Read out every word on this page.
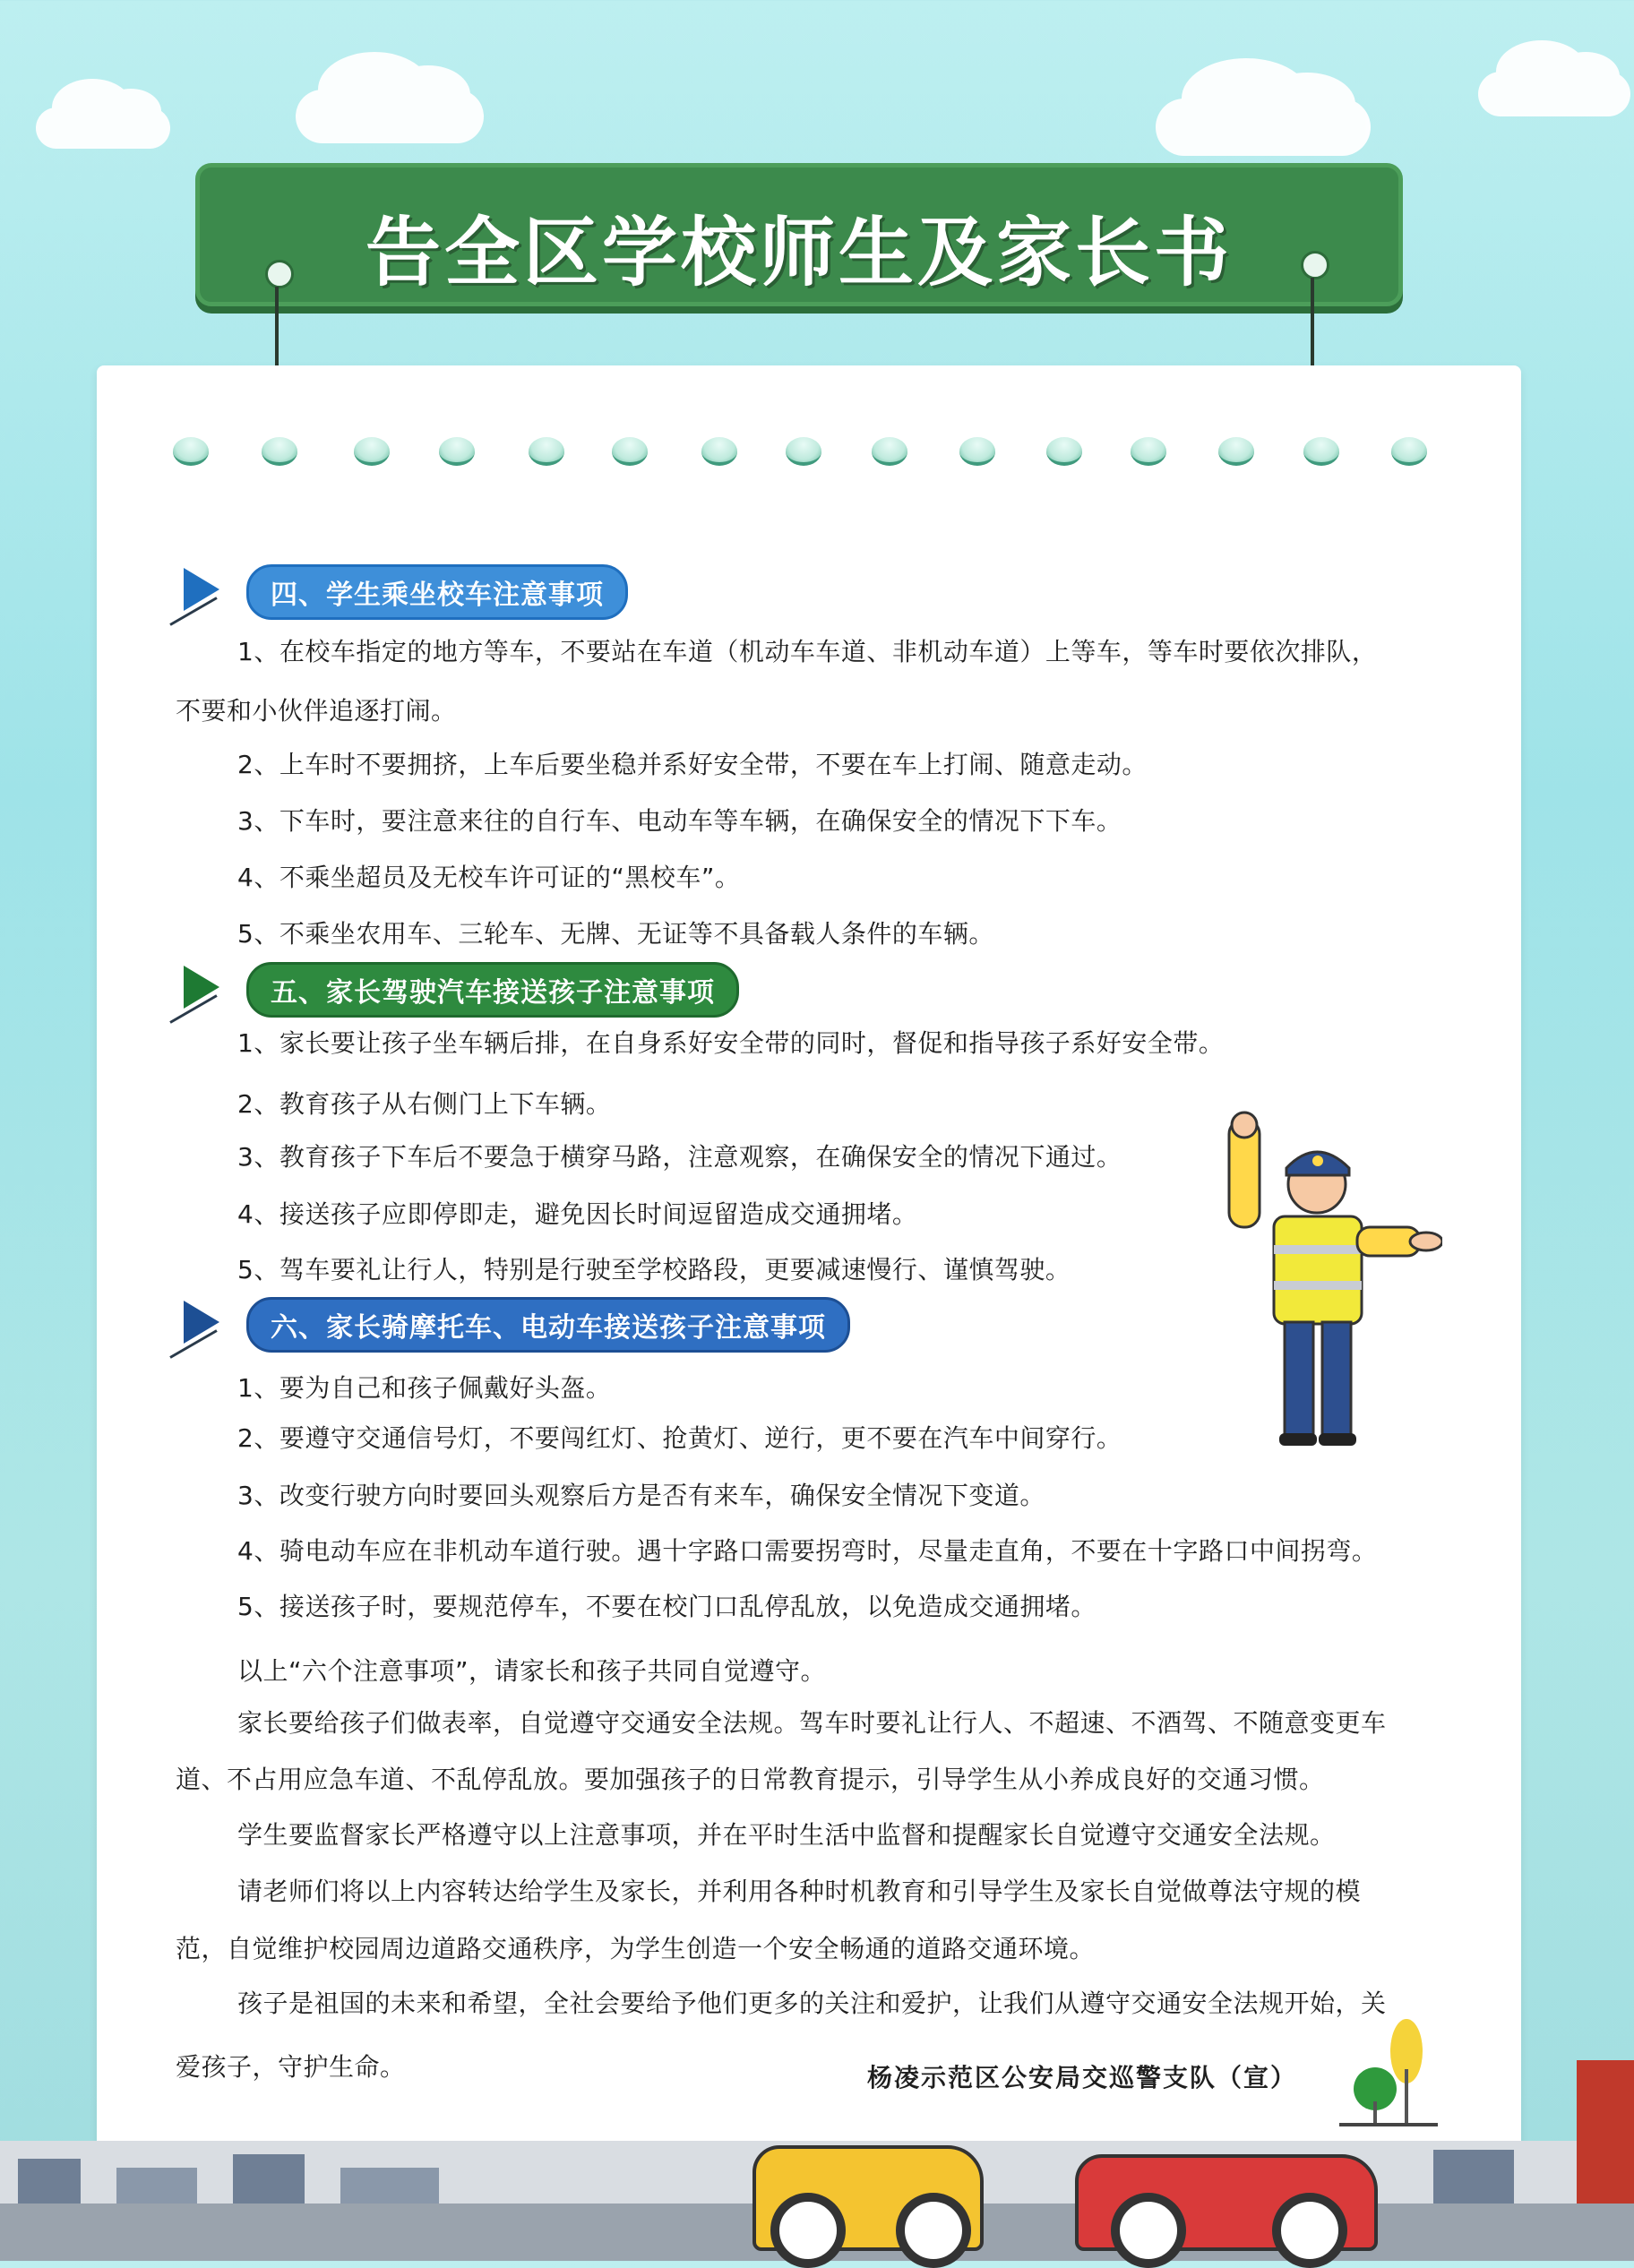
告全区学校师生及家长书
四、学生乘坐校车注意事项
1、在校车指定的地方等车，不要站在车道（机动车车道、非机动车道）上等车，等车时要依次排队，
不要和小伙伴追逐打闹。
2、上车时不要拥挤，上车后要坐稳并系好安全带，不要在车上打闹、随意走动。
3、下车时，要注意来往的自行车、电动车等车辆，在确保安全的情况下下车。
4、不乘坐超员及无校车许可证的“黑校车”。
5、不乘坐农用车、三轮车、无牌、无证等不具备载人条件的车辆。
五、家长驾驶汽车接送孩子注意事项
1、家长要让孩子坐车辆后排，在自身系好安全带的同时，督促和指导孩子系好安全带。
2、教育孩子从右侧门上下车辆。
3、教育孩子下车后不要急于横穿马路，注意观察，在确保安全的情况下通过。
4、接送孩子应即停即走，避免因长时间逗留造成交通拥堵。
5、驾车要礼让行人，特别是行驶至学校路段，更要减速慢行、谨慎驾驶。
六、家长骑摩托车、电动车接送孩子注意事项
1、要为自己和孩子佩戴好头盔。
2、要遵守交通信号灯，不要闯红灯、抢黄灯、逆行，更不要在汽车中间穿行。
3、改变行驶方向时要回头观察后方是否有来车，确保安全情况下变道。
4、骑电动车应在非机动车道行驶。遇十字路口需要拐弯时，尽量走直角，不要在十字路口中间拐弯。
5、接送孩子时，要规范停车，不要在校门口乱停乱放，以免造成交通拥堵。
以上“六个注意事项”，请家长和孩子共同自觉遵守。
家长要给孩子们做表率，自觉遵守交通安全法规。驾车时要礼让行人、不超速、不酒驾、不随意变更车
道、不占用应急车道、不乱停乱放。要加强孩子的日常教育提示，引导学生从小养成良好的交通习惯。
学生要监督家长严格遵守以上注意事项，并在平时生活中监督和提醒家长自觉遵守交通安全法规。
请老师们将以上内容转达给学生及家长，并利用各种时机教育和引导学生及家长自觉做尊法守规的模
范，自觉维护校园周边道路交通秩序，为学生创造一个安全畅通的道路交通环境。
孩子是祖国的未来和希望，全社会要给予他们更多的关注和爱护，让我们从遵守交通安全法规开始，关
爱孩子，守护生命。	杨凌示范区公安局交巡警支队（宣）
